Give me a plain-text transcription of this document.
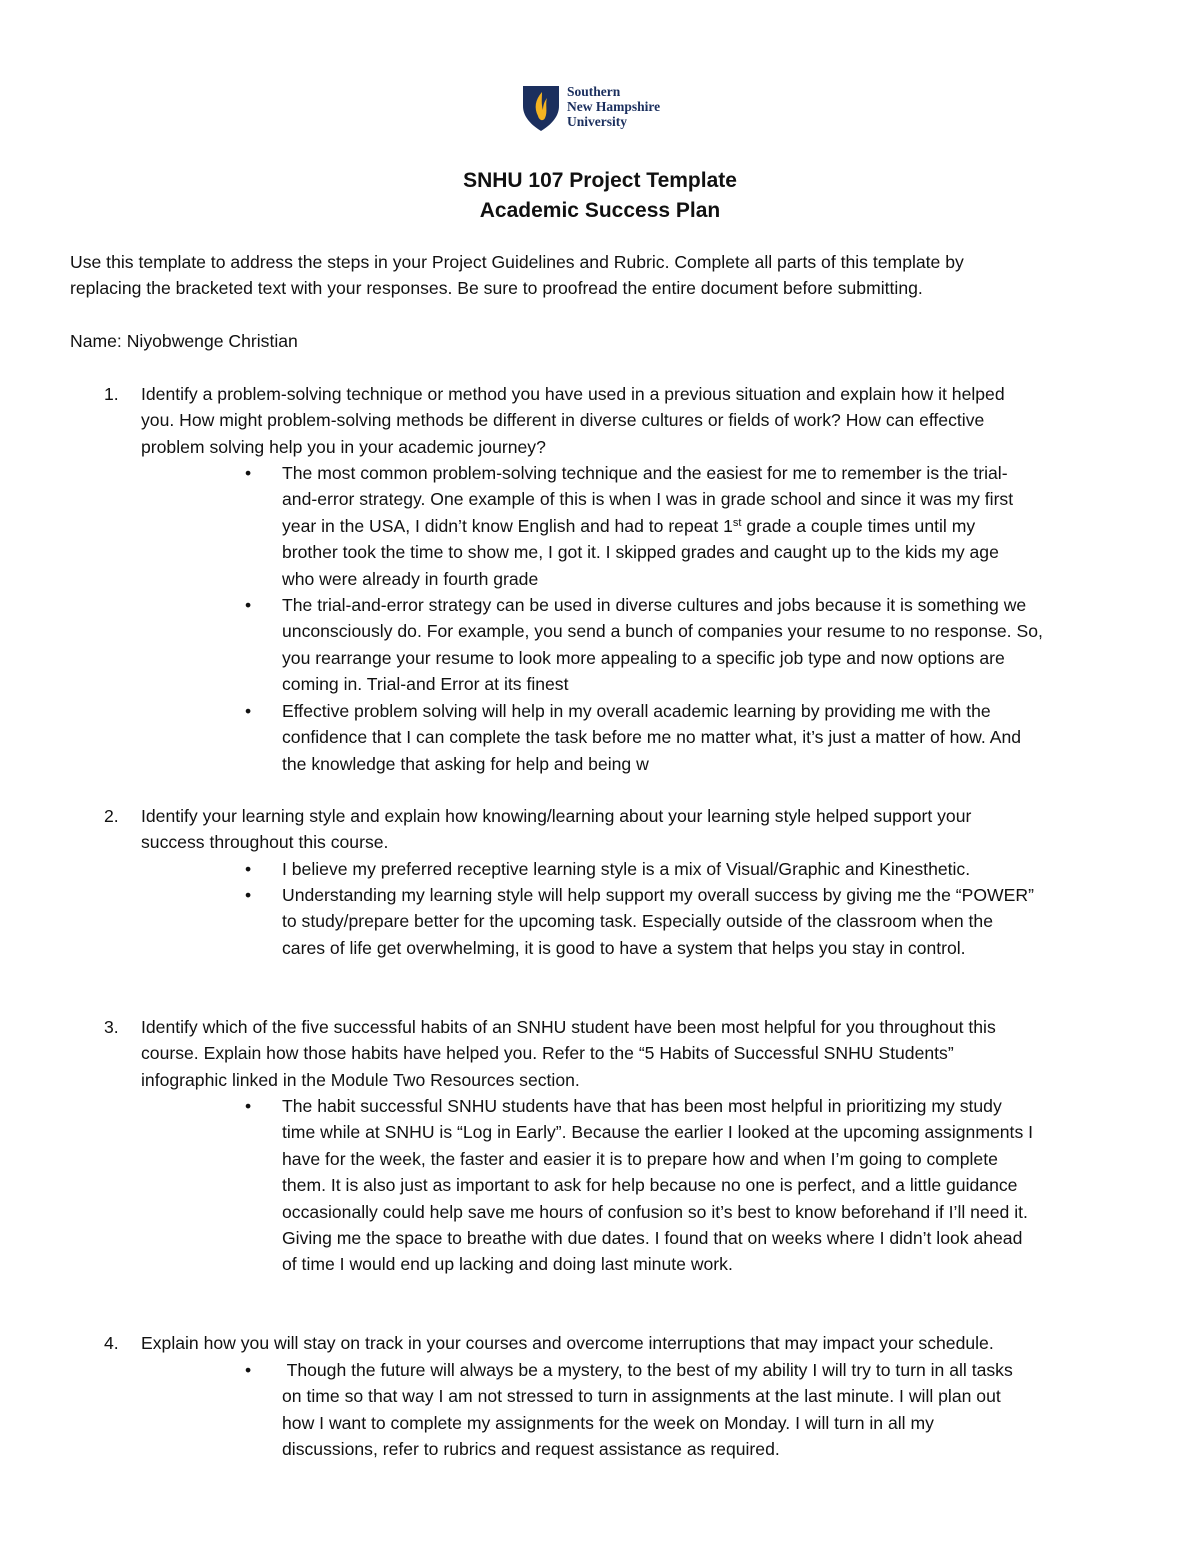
Southern
New Hampshire
University
SNHU 107 Project Template
Academic Success Plan
Use this template to address the steps in your Project Guidelines and Rubric. Complete all parts of this template by
replacing the bracketed text with your responses. Be sure to proofread the entire document before submitting.
Name: Niyobwenge Christian
1. Identify a problem-solving technique or method you have used in a previous situation and explain how it helped
you. How might problem-solving methods be different in diverse cultures or fields of work? How can effective
problem solving help you in your academic journey?
• The most common problem-solving technique and the easiest for me to remember is the trial-
and-error strategy. One example of this is when I was in grade school and since it was my first
year in the USA, I didn’t know English and had to repeat 1st grade a couple times until my
brother took the time to show me, I got it. I skipped grades and caught up to the kids my age
who were already in fourth grade
• The trial-and-error strategy can be used in diverse cultures and jobs because it is something we
unconsciously do. For example, you send a bunch of companies your resume to no response. So,
you rearrange your resume to look more appealing to a specific job type and now options are
coming in. Trial-and Error at its finest
• Effective problem solving will help in my overall academic learning by providing me with the
confidence that I can complete the task before me no matter what, it’s just a matter of how. And
the knowledge that asking for help and being w
2. Identify your learning style and explain how knowing/learning about your learning style helped support your
success throughout this course.
• I believe my preferred receptive learning style is a mix of Visual/Graphic and Kinesthetic.
• Understanding my learning style will help support my overall success by giving me the “POWER”
to study/prepare better for the upcoming task. Especially outside of the classroom when the
cares of life get overwhelming, it is good to have a system that helps you stay in control.
3. Identify which of the five successful habits of an SNHU student have been most helpful for you throughout this
course. Explain how those habits have helped you. Refer to the “5 Habits of Successful SNHU Students”
infographic linked in the Module Two Resources section.
• The habit successful SNHU students have that has been most helpful in prioritizing my study
time while at SNHU is “Log in Early”. Because the earlier I looked at the upcoming assignments I
have for the week, the faster and easier it is to prepare how and when I’m going to complete
them. It is also just as important to ask for help because no one is perfect, and a little guidance
occasionally could help save me hours of confusion so it’s best to know beforehand if I’ll need it.
Giving me the space to breathe with due dates. I found that on weeks where I didn’t look ahead
of time I would end up lacking and doing last minute work.
4. Explain how you will stay on track in your courses and overcome interruptions that may impact your schedule.
• Though the future will always be a mystery, to the best of my ability I will try to turn in all tasks
on time so that way I am not stressed to turn in assignments at the last minute. I will plan out
how I want to complete my assignments for the week on Monday. I will turn in all my
discussions, refer to rubrics and request assistance as required.
